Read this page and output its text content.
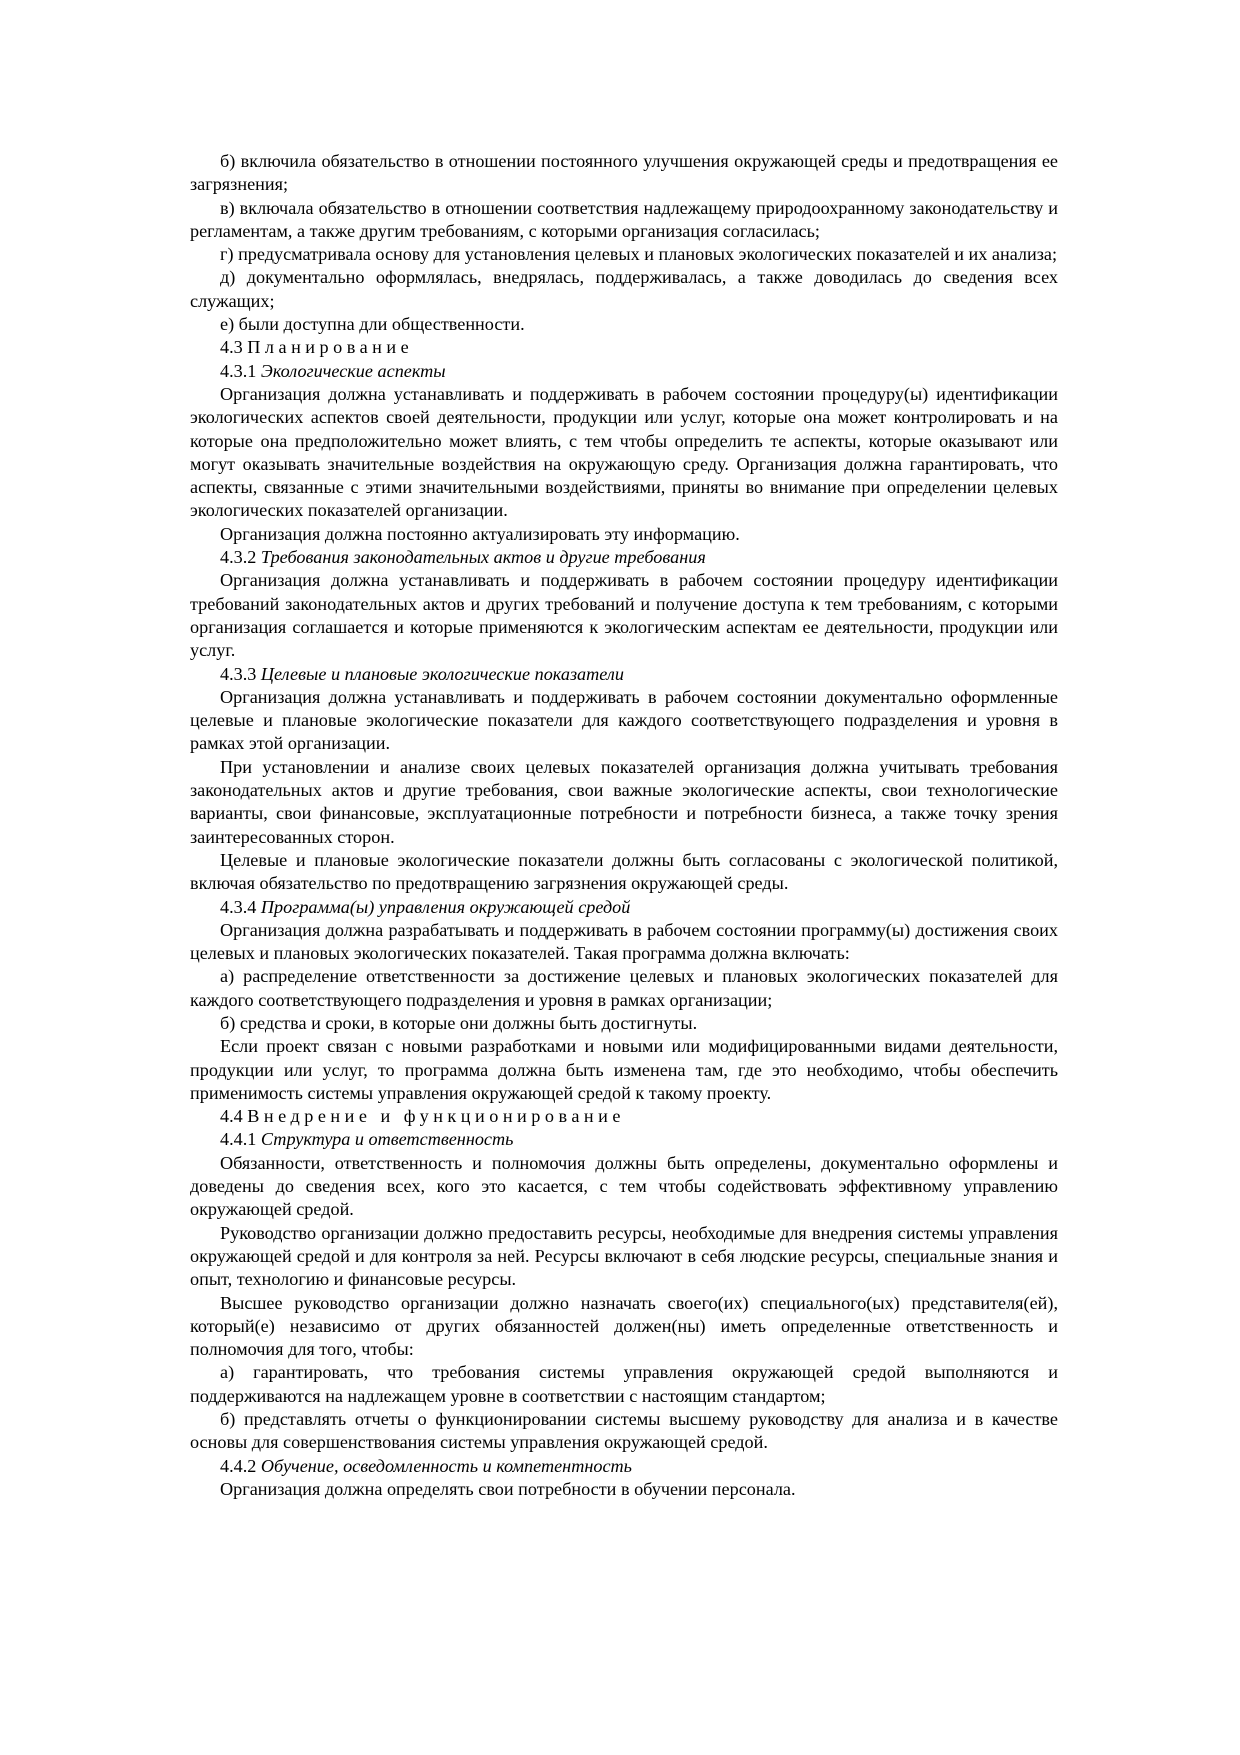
б) включила обязательство в отношении постоянного улучшения окружающей среды и предотвращения ее загрязнения;

в) включала обязательство в отношении соответствия надлежащему природоохранному законодательству и регламентам, а также другим требованиям, с которыми организация согласилась;

г) предусматривала основу для установления целевых и плановых экологических показателей и их анализа;

д) документально оформлялась, внедрялась, поддерживалась, а также доводилась до сведения всех служащих;

е) были доступна дли общественности.

4.3 Планирование

4.3.1 Экологические аспекты

Организация должна устанавливать и поддерживать в рабочем состоянии процедуру(ы) идентификации экологических аспектов своей деятельности, продукции или услуг, которые она может контролировать и на которые она предположительно может влиять, с тем чтобы определить те аспекты, которые оказывают или могут оказывать значительные воздействия на окружающую среду. Организация должна гарантировать, что аспекты, связанные с этими значительными воздействиями, приняты во внимание при определении целевых экологических показателей организации.

Организация должна постоянно актуализировать эту информацию.

4.3.2 Требования законодательных актов и другие требования

Организация должна устанавливать и поддерживать в рабочем состоянии процедуру идентификации требований законодательных актов и других требований и получение доступа к тем требованиям, с которыми организация соглашается и которые применяются к экологическим аспектам ее деятельности, продукции или услуг.

4.3.3 Целевые и плановые экологические показатели

Организация должна устанавливать и поддерживать в рабочем состоянии документально оформленные целевые и плановые экологические показатели для каждого соответствующего подразделения и уровня в рамках этой организации.

При установлении и анализе своих целевых показателей организация должна учитывать требования законодательных актов и другие требования, свои важные экологические аспекты, свои технологические варианты, свои финансовые, эксплуатационные потребности и потребности бизнеса, а также точку зрения заинтересованных сторон.

Целевые и плановые экологические показатели должны быть согласованы с экологической политикой, включая обязательство по предотвращению загрязнения окружающей среды.

4.3.4 Программа(ы) управления окружающей средой

Организация должна разрабатывать и поддерживать в рабочем состоянии программу(ы) достижения своих целевых и плановых экологических показателей. Такая программа должна включать:

а) распределение ответственности за достижение целевых и плановых экологических показателей для каждого соответствующего подразделения и уровня в рамках организации;

б) средства и сроки, в которые они должны быть достигнуты.

Если проект связан с новыми разработками и новыми или модифицированными видами деятельности, продукции или услуг, то программа должна быть изменена там, где это необходимо, чтобы обеспечить применимость системы управления окружающей средой к такому проекту.

4.4 Внедрение и функционирование

4.4.1 Структура и ответственность

Обязанности, ответственность и полномочия должны быть определены, документально оформлены и доведены до сведения всех, кого это касается, с тем чтобы содействовать эффективному управлению окружающей средой.

Руководство организации должно предоставить ресурсы, необходимые для внедрения системы управления окружающей средой и для контроля за ней. Ресурсы включают в себя людские ресурсы, специальные знания и опыт, технологию и финансовые ресурсы.

Высшее руководство организации должно назначать своего(их) специального(ых) представителя(ей), который(е) независимо от других обязанностей должен(ны) иметь определенные ответственность и полномочия для того, чтобы:

а) гарантировать, что требования системы управления окружающей средой выполняются и поддерживаются на надлежащем уровне в соответствии с настоящим стандартом;

б) представлять отчеты о функционировании системы высшему руководству для анализа и в качестве основы для совершенствования системы управления окружающей средой.

4.4.2 Обучение, осведомленность и компетентность

Организация должна определять свои потребности в обучении персонала.
